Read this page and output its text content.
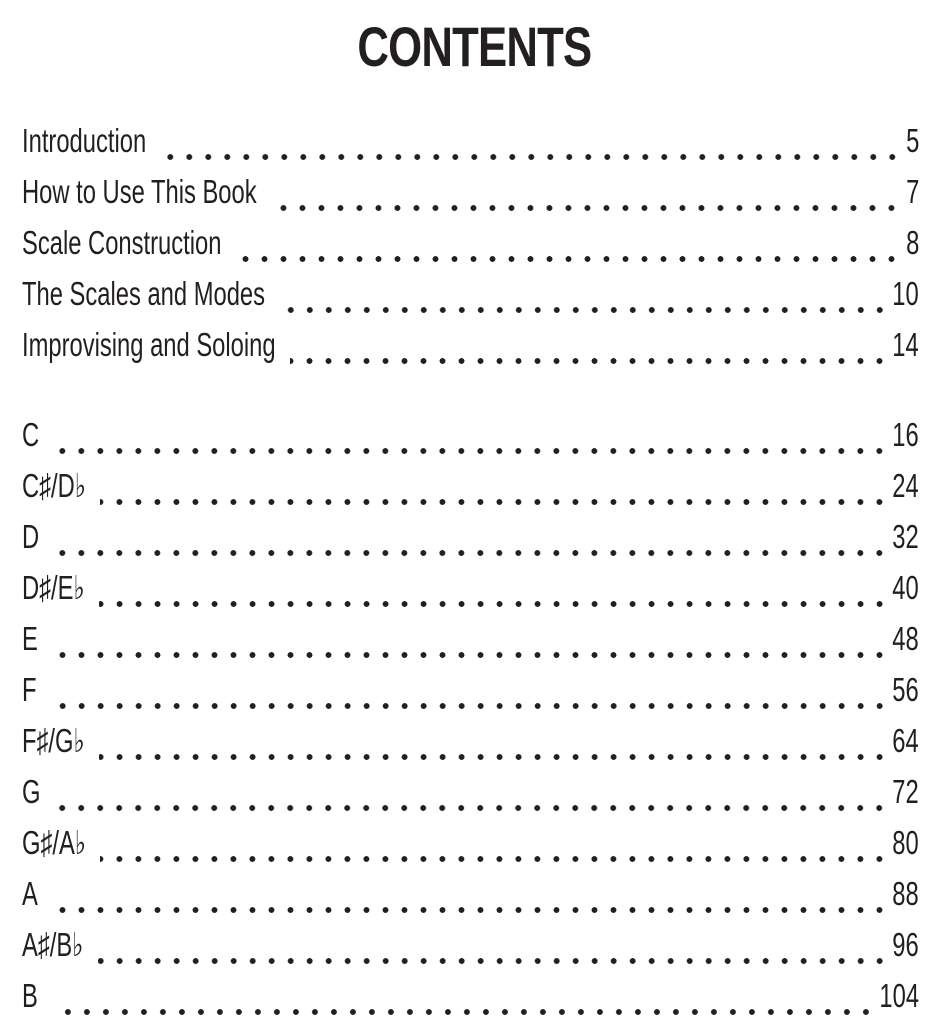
CONTENTS
Introduction	5
How to Use This Book	7
Scale Construction	8
The Scales and Modes	10
Improvising and Soloing	14
C	16
C♯/D♭	24
D	32
D♯/E♭	40
E	48
F	56
F♯/G♭	64
G	72
G♯/A♭	80
A	88
A♯/B♭	96
B	104
